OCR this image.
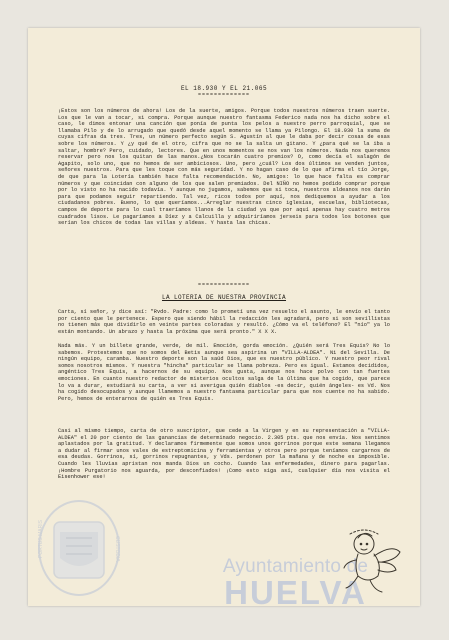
EL 18.930 Y EL 21.065
=============
¡Estos son los números de ahora! Los de la suerte, amigos. Porque todos nuestros números traen suerte. Los que le van a tocar, si compra. Porque aunque nuestro fantasma Federico nada nos ha dicho sobre el caso, le dimos entonar una canción que ponía de punta los pelos a nuestro perro parroquial, que se llamaba Pilo y de lo arrugado que quedó desde aquel momento se llama ya Pilongo. El 18.930 la suma de cuyas cifras da tres. Tres, un número perfecto según S. Agustín al que le daba por decir cosas de esas sobre los números. Y ¿y qué de el otro, cifra que no se la salta un gitano. Y ¿para qué se la iba a saltar, hombre? Pero, cuidado, lectores. Que en unos momentos se nos van los números. Nada nos queremos reservar pero nos los quitan de las manos.¿Nos tocarán cuatro premios? O, como decía el salagón de Agapito, solo uno, que no hemos de ser ambiciosos. Uno, pero ¿cuál? Los dos últimos se venden juntos, señores nuestros. Para que les toque con más seguridad. Y no hagan caso de lo que afirma el tío Jorge, de que para la Lotería también hace falta recomendación. No, amigos: lo que hace falta es comprar números y que coincidan con alguno de los que salen premiados. Del NIÑO no hemos podido comprar porque por lo visto no ha nacido todavía. Y aunque no jugamos, sabemos que si toca, nuestros aldeanos nos darán para que podamos seguir repartiendo. Tal vez, ricos todos por aquí, nos dediquemos a ayudar a los ciudadanos pobres. Bueno, lo que queríamos...Arreglar nuestras cinco iglesias, escuelas, bibliotecas, campos de deporte para lo cual traeríamos llanos de la ciudad ya que por aquí apenas hay cuatro metros cuadrados lisos. Le pagaríamos a Díez y a Calcuilla y adquiriríamos jerseis para todos los botones que serían los chicos de todas las villas y aldeas. Y hasta las chicas.
=============
LA LOTERIA DE NUESTRA PROVINCIA
Carta, sí señor, y dice así: "Rvdo. Padre: como lo prometí una vez resuelto el asunto, le envío el tanto por ciento que le pertenece. Espero que siendo hábil la redacción les agradará, pero si son sevillistas no tienen más que dividirlo en veinte partes coloradas y resultó. ¿Cómo va el teléfono? El "nío" ya lo están montando. Un abrazo y hasta la próxima que será pronto." X X X.
Nada más. Y un billete grande, verde, de mil. Emoción, gorda emoción. ¿Quién será Tres Equis? No lo sabemos. Protestemos que no somos del Betis aunque sea aspirina un "VILLA-ALDEA". Ni del Sevilla. De ningún equipo, caramba. Nuestro deporte son la saúd Dios, que es nuestro público. Y nuestro peor rival somos nosotros mismos. Y nuestra "hincha" particular se llama pobreza. Pero es igual. Estamos decididos, angéntico Tres Equis, a hacernos de su equipo. Nos gusta, aunque nos hace polvo con tan fuertes emociones. En cuanto nuestro redactor de misterios ocultos salga de la última que ha cogido, que parece lo va a durar, estudiará su carta, a ver si averigua quién diablos -es decir, quién ángeles- es Vd. Nos ha cogido desocupados y aunque llamemos a nuestro fantasma particular para que nos cuente no ha sabido. Pero, hemos de enterarnos de quién es Tres Equis.
Casi al mismo tiempo, carta de otro suscriptor, que cede a la Virgen y en su representación a "VILLA-ALDEA" el 20 por ciento de las ganancias de determinado negocio. 2.305 pts. que nos envía. Nos sentimos aplastados por la gratitud. Y declaramos firmemente que somos unos gorrinos porque este semana llegamos a dudar al firmar unos vales de estreptomicina y ferramientas y otros pero porque teníamos cargarnos de esa deudas. Gorrinos, sí, gorrinos repugnantes, y Vds. perdonen por la mañana y de noche es imposible. Cuando les lluvias apristan nos manda Dios un cocho. Cuando las enfermedades, dinero para pagarlas. ¡Hombre Purgatorio nos aguarda, por desconfiados! ¡Como esto siga así, cualquier día nos visita el Eisenhower ese!
PORTUS MARIS	CUSTODIA
Ayuntamiento de
HUELVA
